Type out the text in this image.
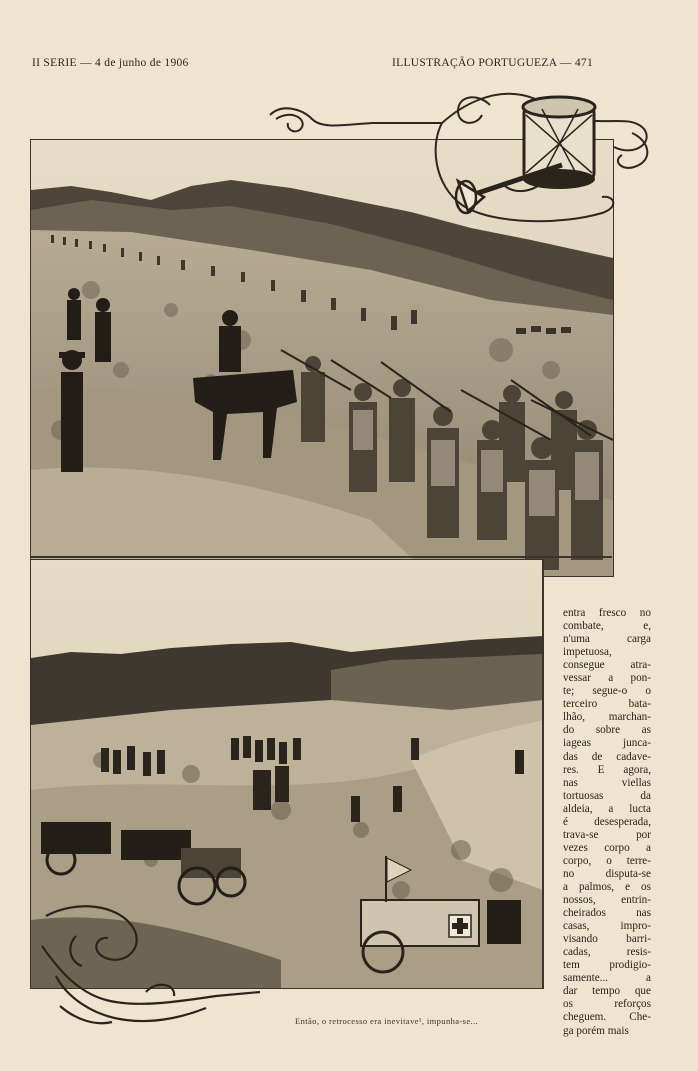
II SERIE — 4 de junho de 1906	ILLUSTRAÇÃO PORTUGUEZA — 471
Então, o retrocesso era inevitave¹, impunha-se...
entra fresco no
combate, e,
n'uma carga
impetuosa,
consegue atra-
vessar a pon-
te; segue-o o
terceiro bata-
lhão, marchan-
do sobre as
iageas junca-
das de cadave-
res. E agora,
nas viellas
tortuosas da
aldeia, a lucta
é desesperada,
trava-se por
vezes corpo a
corpo, o terre-
no disputa-se
a palmos, e os
nossos, entrin-
cheirados nas
casas, impro-
visando barri-
cadas, resis-
tem prodigio-
samente... a
dar tempo que
os reforços
cheguem. Che-
ga porém mais
